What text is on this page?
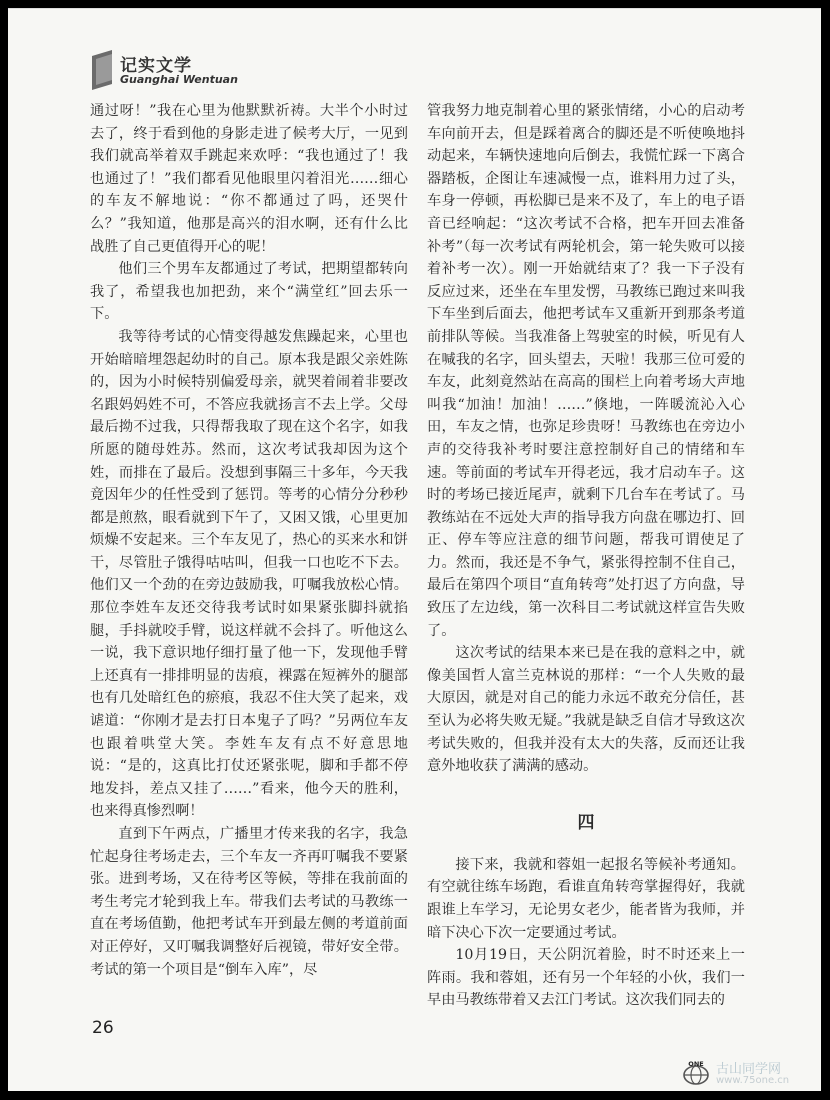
记实文学
Guanghai Wentuan

通过呀！”我在心里为他默默祈祷。大半个小时过去了，终于看到他的身影走进了候考大厅，一见到我们就高举着双手跳起来欢呼：“我也通过了！我也通过了！”我们都看见他眼里闪着泪光……细心的车友不解地说：“你不都通过了吗，还哭什么？”我知道，他那是高兴的泪水啊，还有什么比战胜了自己更值得开心的呢！

他们三个男车友都通过了考试，把期望都转向我了，希望我也加把劲，来个“满堂红”回去乐一下。

我等待考试的心情变得越发焦躁起来，心里也开始暗暗埋怨起幼时的自己。原本我是跟父亲姓陈的，因为小时候特别偏爱母亲，就哭着闹着非要改名跟妈妈姓不可，不答应我就扬言不去上学。父母最后拗不过我，只得帮我取了现在这个名字，如我所愿的随母姓苏。然而，这次考试我却因为这个姓，而排在了最后。没想到事隔三十多年，今天我竟因年少的任性受到了惩罚。等考的心情分分秒秒都是煎熬，眼看就到下午了，又困又饿，心里更加烦燥不安起来。三个车友见了，热心的买来水和饼干，尽管肚子饿得咕咕叫，但我一口也吃不下去。他们又一个劲的在旁边鼓励我，叮嘱我放松心情。那位李姓车友还交待我考试时如果紧张脚抖就掐腿，手抖就咬手臂，说这样就不会抖了。听他这么一说，我下意识地仔细打量了他一下，发现他手臂上还真有一排排明显的齿痕，裸露在短裤外的腿部也有几处暗红色的瘀痕，我忍不住大笑了起来，戏谑道：“你刚才是去打日本鬼子了吗？”另两位车友也跟着哄堂大笑。李姓车友有点不好意思地说：“是的，这真比打仗还紧张呢，脚和手都不停地发抖，差点又挂了……”看来，他今天的胜利，也来得真惨烈啊！

直到下午两点，广播里才传来我的名字，我急忙起身往考场走去，三个车友一齐再叮嘱我不要紧张。进到考场，又在待考区等候，等排在我前面的考生考完才轮到我上车。带我们去考试的马教练一直在考场值勤，他把考试车开到最左侧的考道前面对正停好，又叮嘱我调整好后视镜，带好安全带。考试的第一个项目是“倒车入库”，尽

管我努力地克制着心里的紧张情绪，小心的启动考车向前开去，但是踩着离合的脚还是不听使唤地抖动起来，车辆快速地向后倒去，我慌忙踩一下离合器踏板，企图让车速减慢一点，谁料用力过了头，车身一停顿，再松脚已是来不及了，车上的电子语音已经响起：“这次考试不合格，把车开回去准备补考”（每一次考试有两轮机会，第一轮失败可以接着补考一次）。刚一开始就结束了？我一下子没有反应过来，还坐在车里发愣，马教练已跑过来叫我下车坐到后面去，他把考试车又重新开到那条考道前排队等候。当我准备上驾驶室的时候，听见有人在喊我的名字，回头望去，天啦！我那三位可爱的车友，此刻竟然站在高高的围栏上向着考场大声地叫我“加油！加油！……”倏地，一阵暖流沁入心田，车友之情，也弥足珍贵呀！马教练也在旁边小声的交待我补考时要注意控制好自己的情绪和车速。等前面的考试车开得老远，我才启动车子。这时的考场已接近尾声，就剩下几台车在考试了。马教练站在不远处大声的指导我方向盘在哪边打、回正、停车等应注意的细节问题，帮我可谓使足了力。然而，我还是不争气，紧张得控制不住自己，最后在第四个项目“直角转弯”处打迟了方向盘，导致压了左边线，第一次科目二考试就这样宣告失败了。

这次考试的结果本来已是在我的意料之中，就像美国哲人富兰克林说的那样：“一个人失败的最大原因，就是对自己的能力永远不敢充分信任，甚至认为必将失败无疑。”我就是缺乏自信才导致这次考试失败的，但我并没有太大的失落，反而还让我意外地收获了满满的感动。

四

接下来，我就和蓉姐一起报名等候补考通知。有空就往练车场跑，看谁直角转弯掌握得好，我就跟谁上车学习，无论男女老少，能者皆为我师，并暗下决心下次一定要通过考试。

10月19日，天公阴沉着脸，时不时还来上一阵雨。我和蓉姐，还有另一个年轻的小伙，我们一早由马教练带着又去江门考试。这次我们同去的

26
ONE 古山同学网
www.75one.cn
